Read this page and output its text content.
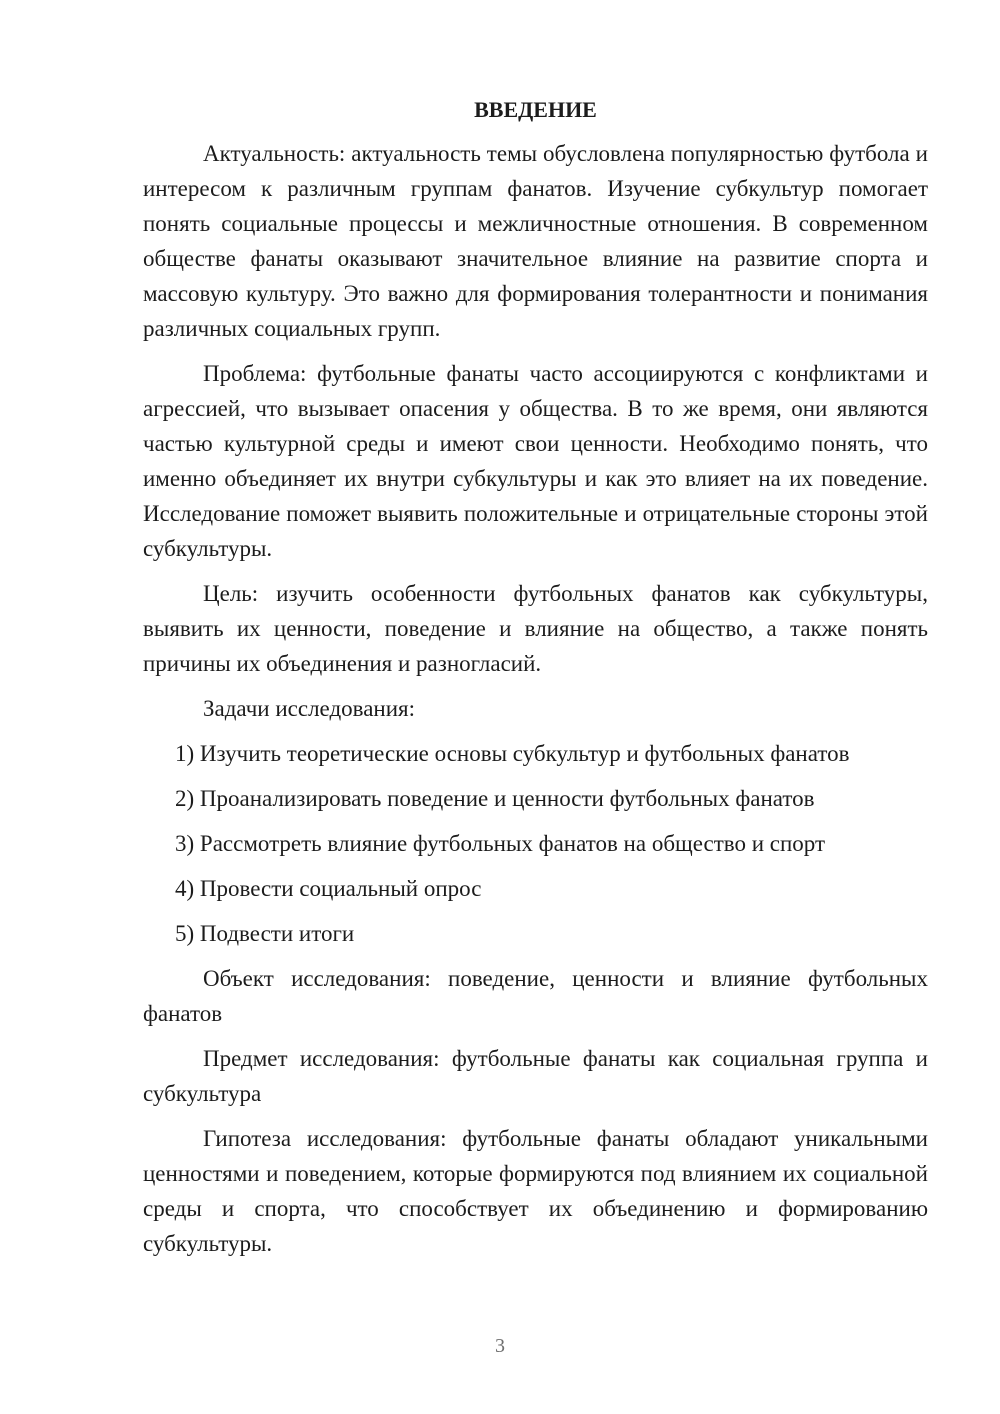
ВВЕДЕНИЕ

Актуальность: актуальность темы обусловлена популярностью футбола и интересом к различным группам фанатов. Изучение субкультур помогает понять социальные процессы и межличностные отношения. В современном обществе фанаты оказывают значительное влияние на развитие спорта и массовую культуру. Это важно для формирования толерантности и понимания различных социальных групп.

Проблема: футбольные фанаты часто ассоциируются с конфликтами и агрессией, что вызывает опасения у общества. В то же время, они являются частью культурной среды и имеют свои ценности. Необходимо понять, что именно объединяет их внутри субкультуры и как это влияет на их поведение. Исследование поможет выявить положительные и отрицательные стороны этой субкультуры.

Цель: изучить особенности футбольных фанатов как субкультуры, выявить их ценности, поведение и влияние на общество, а также понять причины их объединения и разногласий.

Задачи исследования:

1) Изучить теоретические основы субкультур и футбольных фанатов
2) Проанализировать поведение и ценности футбольных фанатов
3) Рассмотреть влияние футбольных фанатов на общество и спорт
4) Провести социальный опрос
5) Подвести итоги

Объект исследования: поведение, ценности и влияние футбольных фанатов

Предмет исследования: футбольные фанаты как социальная группа и субкультура

Гипотеза исследования: футбольные фанаты обладают уникальными ценностями и поведением, которые формируются под влиянием их социальной среды и спорта, что способствует их объединению и формированию субкультуры.

3
